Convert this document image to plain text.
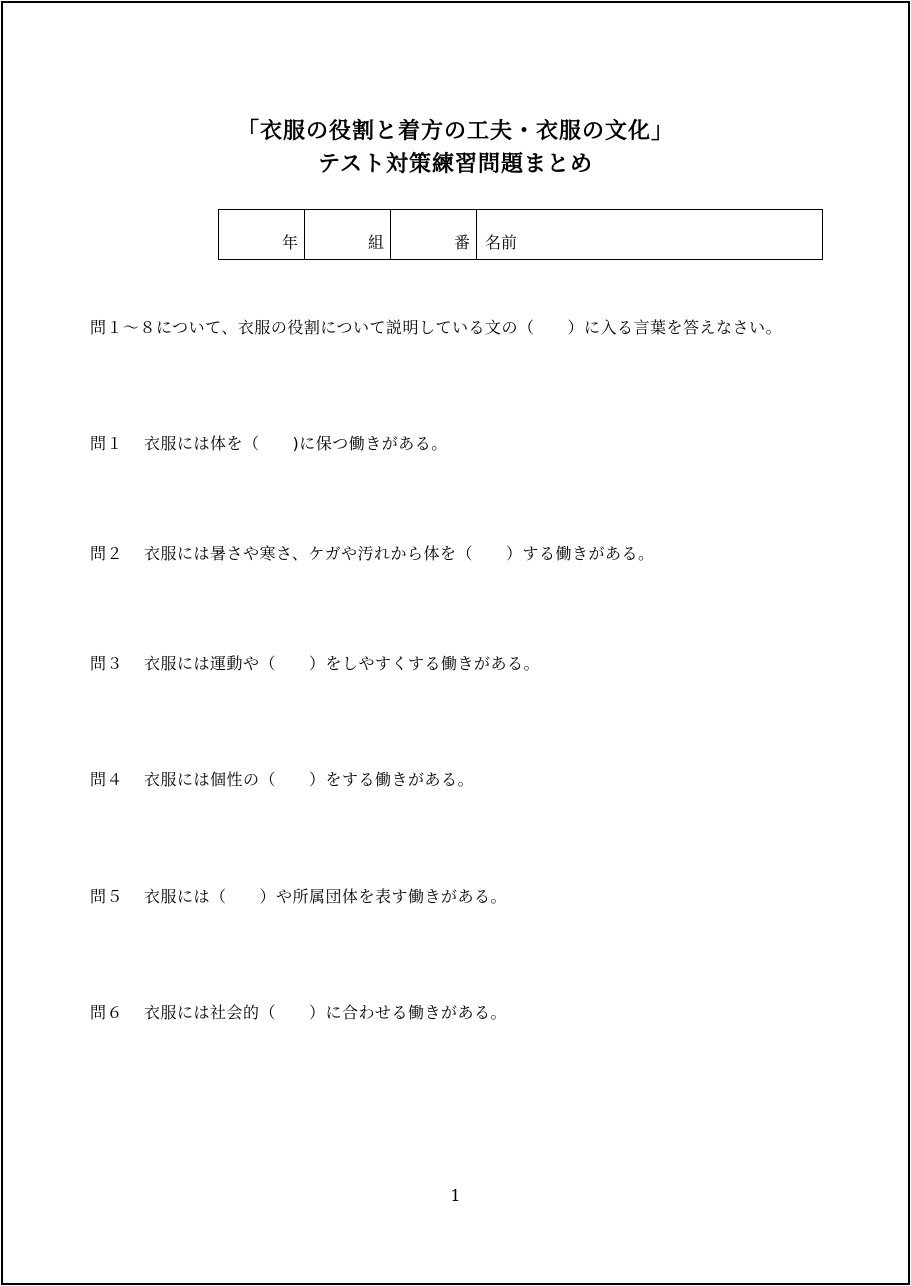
「衣服の役割と着方の工夫・衣服の文化」
テスト対策練習問題まとめ
年	組	番	名前
問１～８について、衣服の役割について説明している文の（　　）に入る言葉を答えなさい。
問１ 衣服には体を（　　)に保つ働きがある。
問２ 衣服には暑さや寒さ、ケガや汚れから体を（　　）する働きがある。
問３ 衣服には運動や（　　）をしやすくする働きがある。
問４ 衣服には個性の（　　）をする働きがある。
問５ 衣服には（　　）や所属団体を表す働きがある。
問６ 衣服には社会的（　　）に合わせる働きがある。
1
